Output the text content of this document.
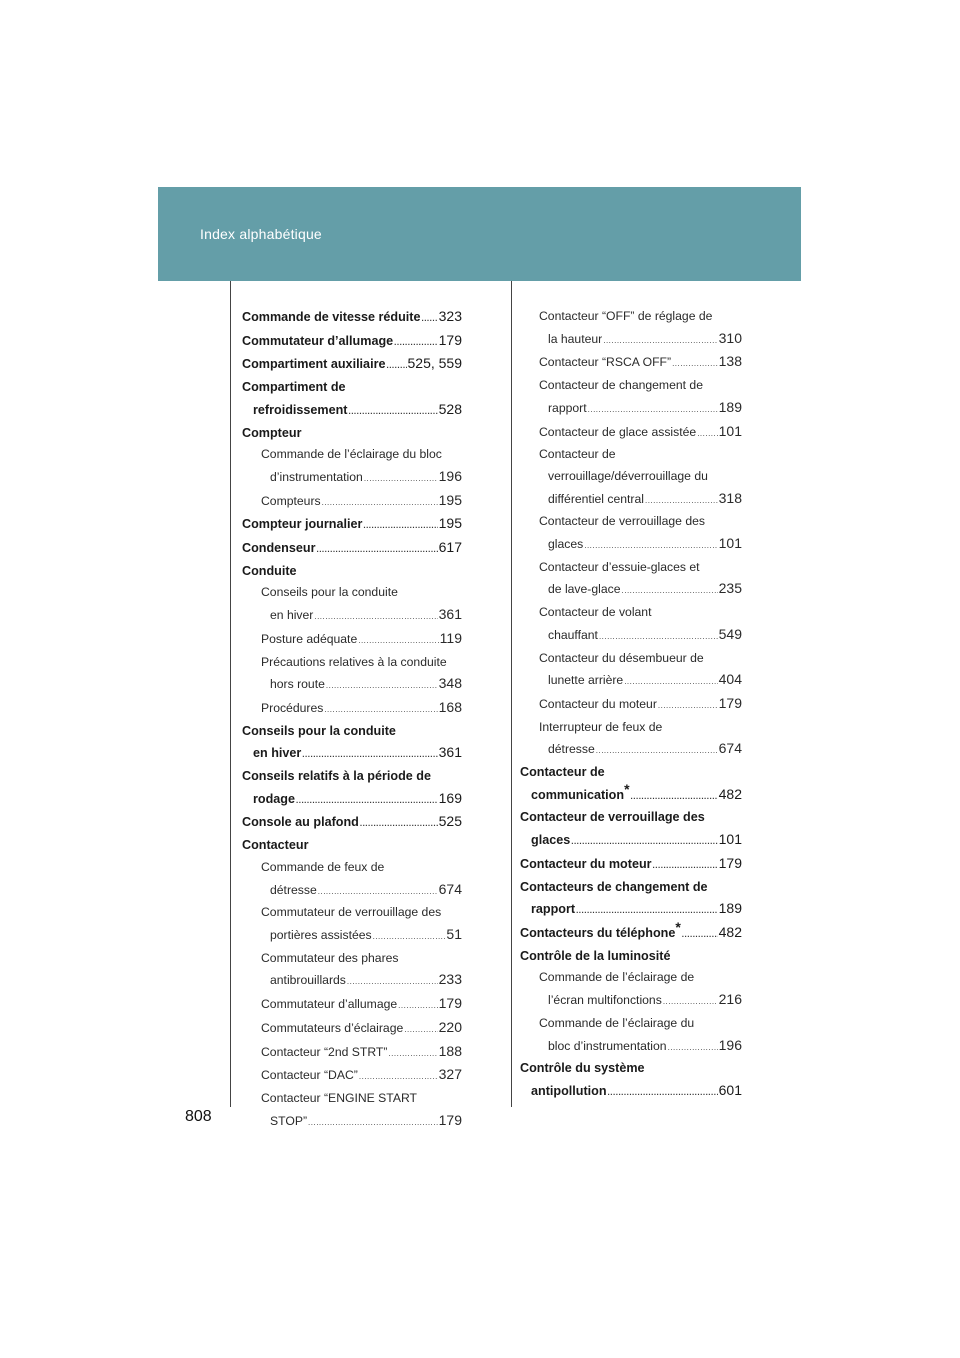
Index alphabétique
Commande de vitesse réduite ..... 323
Commutateur d’allumage .....	179
Compartiment auxiliaire ..... 525, 559
Compartiment de
refroidissement .....	528
Compteur
Commande de l’éclairage du bloc
d’instrumentation .....	196
Compteurs .....	195
Compteur journalier .....	195
Condenseur .....	617
Conduite
Conseils pour la conduite
en hiver .....	361
Posture adéquate .....	119
Précautions relatives à la conduite
hors route .....	348
Procédures .....	168
Conseils pour la conduite
en hiver .....	361
Conseils relatifs à la période de
rodage .....	169
Console au plafond .....	525
Contacteur
Commande de feux de
détresse .....	674
Commutateur de verrouillage des
portières assistées .....	51
Commutateur des phares
antibrouillards .....	233
Commutateur d’allumage .....	179
Commutateurs d’éclairage .....	220
Contacteur “2nd STRT” .....	188
Contacteur “DAC” .....	327
Contacteur “ENGINE START
STOP” .....	179
Contacteur “OFF” de réglage de
la hauteur .....	310
Contacteur “RSCA OFF” .....	138
Contacteur de changement de
rapport .....	189
Contacteur de glace assistée ..... 101
Contacteur de
verrouillage/déverrouillage du
différentiel central .....	318
Contacteur de verrouillage des
glaces .....	101
Contacteur d’essuie-glaces et
de lave-glace .....	235
Contacteur de volant
chauffant .....	549
Contacteur du désembueur de
lunette arrière .....	404
Contacteur du moteur .....	179
Interrupteur de feux de
détresse .....	674
Contacteur de
communication* .....	482
Contacteur de verrouillage des
glaces .....	101
Contacteur du moteur .....	179
Contacteurs de changement de
rapport .....	189
Contacteurs du téléphone* .....	482
Contrôle de la luminosité
Commande de l’éclairage de
l’écran multifonctions .....	216
Commande de l’éclairage du
bloc d’instrumentation .....	196
Contrôle du système
antipollution .....	601
808
